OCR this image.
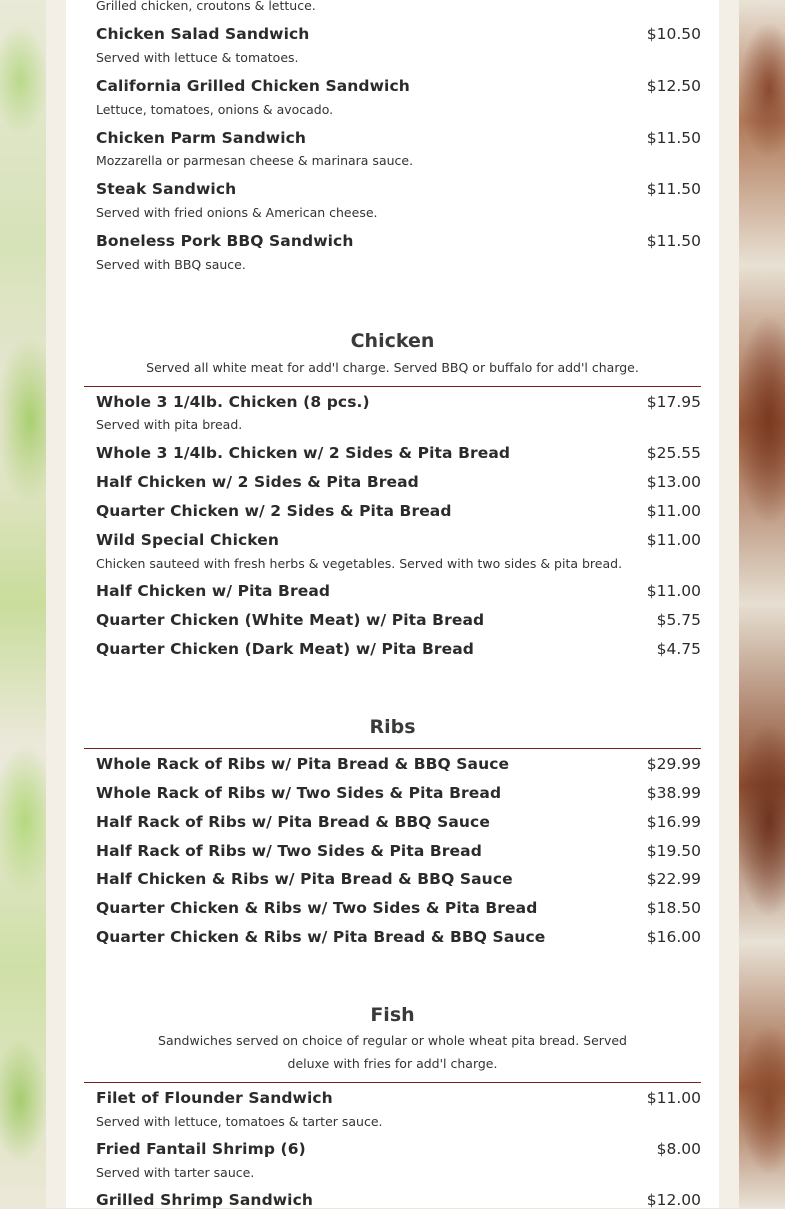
Grilled chicken, croutons & lettuce.
Chicken Salad Sandwich	$10.50
Served with lettuce & tomatoes.
California Grilled Chicken Sandwich	$12.50
Lettuce, tomatoes, onions & avocado.
Chicken Parm Sandwich	$11.50
Mozzarella or parmesan cheese & marinara sauce.
Steak Sandwich	$11.50
Served with fried onions & American cheese.
Boneless Pork BBQ Sandwich	$11.50
Served with BBQ sauce.
Chicken
Served all white meat for add'l charge. Served BBQ or buffalo for add'l charge.
Whole 3 1/4lb. Chicken (8 pcs.)	$17.95
Served with pita bread.
Whole 3 1/4lb. Chicken w/ 2 Sides & Pita Bread	$25.55
Half Chicken w/ 2 Sides & Pita Bread	$13.00
Quarter Chicken w/ 2 Sides & Pita Bread	$11.00
Wild Special Chicken	$11.00
Chicken sauteed with fresh herbs & vegetables. Served with two sides & pita bread.
Half Chicken w/ Pita Bread	$11.00
Quarter Chicken (White Meat) w/ Pita Bread	$5.75
Quarter Chicken (Dark Meat) w/ Pita Bread	$4.75
Ribs
Whole Rack of Ribs w/ Pita Bread & BBQ Sauce	$29.99
Whole Rack of Ribs w/ Two Sides & Pita Bread	$38.99
Half Rack of Ribs w/ Pita Bread & BBQ Sauce	$16.99
Half Rack of Ribs w/ Two Sides & Pita Bread	$19.50
Half Chicken & Ribs w/ Pita Bread & BBQ Sauce	$22.99
Quarter Chicken & Ribs w/ Two Sides & Pita Bread	$18.50
Quarter Chicken & Ribs w/ Pita Bread & BBQ Sauce	$16.00
Fish
Sandwiches served on choice of regular or whole wheat pita bread. Served
deluxe with fries for add'l charge.
Filet of Flounder Sandwich	$11.00
Served with lettuce, tomatoes & tarter sauce.
Fried Fantail Shrimp (6)	$8.00
Served with tarter sauce.
Grilled Shrimp Sandwich	$12.00
